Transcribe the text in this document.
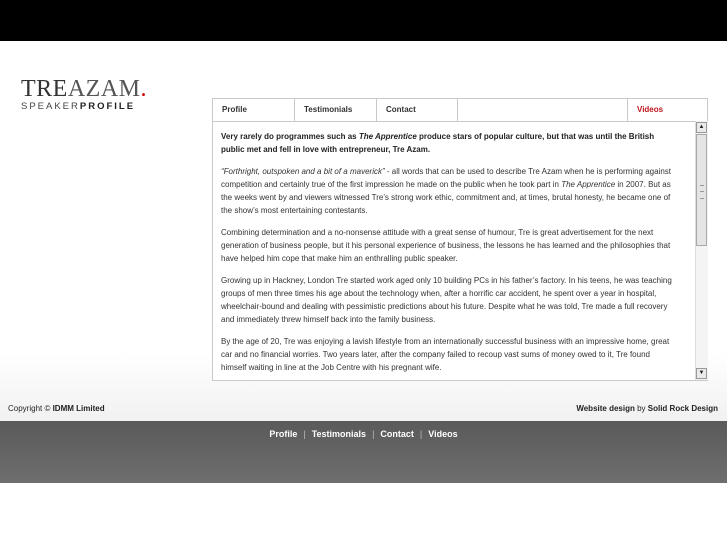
TREAZAM.
SPEAKERPROFILE	Profile	Testimonials	Contact	Videos

Very rarely do programmes such as The Apprentice produce stars of popular culture, but that was until the British public met and fell in love with entrepreneur, Tre Azam.

“Forthright, outspoken and a bit of a maverick” - all words that can be used to describe Tre Azam when he is performing against competition and certainly true of the first impression he made on the public when he took part in The Apprentice in 2007. But as the weeks went by and viewers witnessed Tre’s strong work ethic, commitment and, at times, brutal honesty, he became one of the show’s most entertaining contestants.

Combining determination and a no-nonsense attitude with a great sense of humour, Tre is great advertisement for the next generation of business people, but it his personal experience of business, the lessons he has learned and the philosophies that have helped him cope that make him an enthralling public speaker.

Growing up in Hackney, London Tre started work aged only 10 building PCs in his father’s factory. In his teens, he was teaching groups of men three times his age about the technology when, after a horrific car accident, he spent over a year in hospital, wheelchair-bound and dealing with pessimistic predictions about his future. Despite what he was told, Tre made a full recovery and immediately threw himself back into the family business.

By the age of 20, Tre was enjoying a lavish lifestyle from an internationally successful business with an impressive home, great car and no financial worries. Two years later, after the company failed to recoup vast sums of money owed to it, Tre found himself waiting in line at the Job Centre with his pregnant wife.

▲
▼
Copyright © IDMM Limited	Website design by Solid Rock Design
Profile | Testimonials | Contact | Videos
